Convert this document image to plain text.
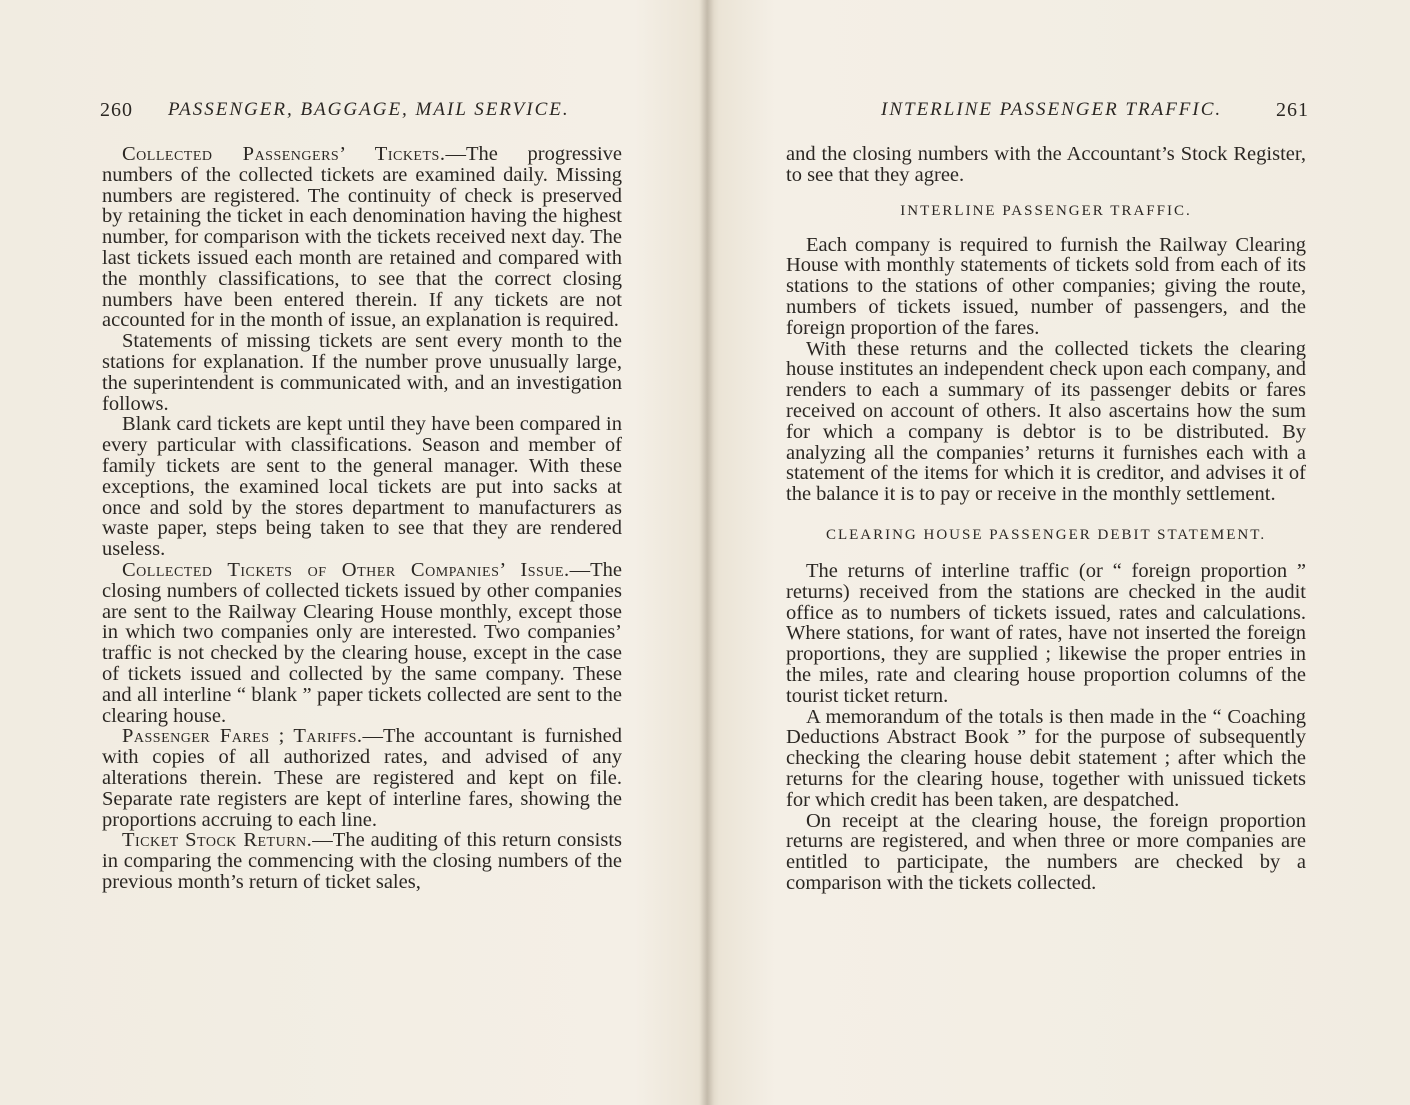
260 PASSENGER, BAGGAGE, MAIL SERVICE.

Collected Passengers’ Tickets.—The progressive numbers of the collected tickets are examined daily. Missing numbers are registered. The continuity of check is preserved by retaining the ticket in each denomination having the highest number, for comparison with the tickets received next day. The last tickets issued each month are retained and compared with the monthly classifications, to see that the correct closing numbers have been entered therein. If any tickets are not accounted for in the month of issue, an explanation is required.

Statements of missing tickets are sent every month to the stations for explanation. If the number prove unusually large, the superintendent is communicated with, and an investigation follows.

Blank card tickets are kept until they have been compared in every particular with classifications. Season and member of family tickets are sent to the general manager. With these exceptions, the examined local tickets are put into sacks at once and sold by the stores department to manufacturers as waste paper, steps being taken to see that they are rendered useless.

Collected Tickets of Other Companies’ Issue.—The closing numbers of collected tickets issued by other companies are sent to the Railway Clearing House monthly, except those in which two companies only are interested. Two companies’ traffic is not checked by the clearing house, except in the case of tickets issued and collected by the same company. These and all interline “ blank ” paper tickets collected are sent to the clearing house.

Passenger Fares ; Tariffs.—The accountant is furnished with copies of all authorized rates, and advised of any alterations therein. These are registered and kept on file. Separate rate registers are kept of interline fares, showing the proportions accruing to each line.

Ticket Stock Return.—The auditing of this return consists in comparing the commencing with the closing numbers of the previous month’s return of ticket sales,

INTERLINE PASSENGER TRAFFIC.	261

and the closing numbers with the Accountant’s Stock Register, to see that they agree.

INTERLINE PASSENGER TRAFFIC.

Each company is required to furnish the Railway Clearing House with monthly statements of tickets sold from each of its stations to the stations of other companies; giving the route, numbers of tickets issued, number of passengers, and the foreign proportion of the fares.

With these returns and the collected tickets the clearing house institutes an independent check upon each company, and renders to each a summary of its passenger debits or fares received on account of others. It also ascertains how the sum for which a company is debtor is to be distributed. By analyzing all the companies’ returns it furnishes each with a statement of the items for which it is creditor, and advises it of the balance it is to pay or receive in the monthly settlement.

CLEARING HOUSE PASSENGER DEBIT STATEMENT.

The returns of interline traffic (or “ foreign proportion ” returns) received from the stations are checked in the audit office as to numbers of tickets issued, rates and calculations. Where stations, for want of rates, have not inserted the foreign proportions, they are supplied ; likewise the proper entries in the miles, rate and clearing house proportion columns of the tourist ticket return.

A memorandum of the totals is then made in the “ Coaching Deductions Abstract Book ” for the purpose of subsequently checking the clearing house debit statement ; after which the returns for the clearing house, together with unissued tickets for which credit has been taken, are despatched.

On receipt at the clearing house, the foreign proportion returns are registered, and when three or more companies are entitled to participate, the numbers are checked by a comparison with the tickets collected.
